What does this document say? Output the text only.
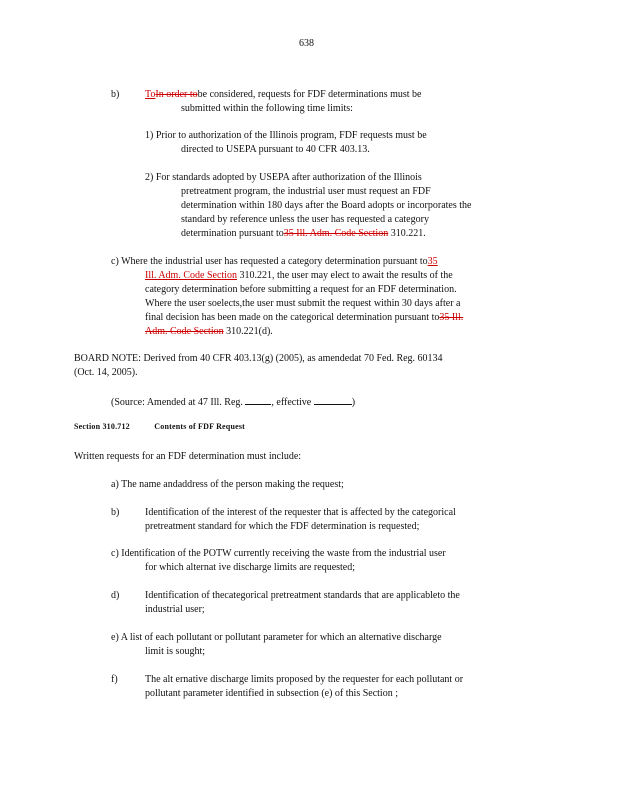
638
b)	ToIn order tobe considered, requests for FDF determinations must be
submitted within the following time limits:
1) Prior to authorization of the Illinois program, FDF requests must be
directed to USEPA pursuant to 40 CFR 403.13.
2) For standards adopted by USEPA after authorization of the Illinois
pretreatment program, the industrial user must request an FDF
determination within 180 days after the Board adopts or incorporates the
standard by reference unless the user has requested a category
determination pursuant to35 Ill. Adm. Code Section 310.221.
c) Where the industrial user has requested a category determination pursuant to35
Ill. Adm. Code Section 310.221, the user may elect to await the results of the
category determination before submitting a request for an FDF determination.
Where the user soelects,the user must submit the request within 30 days after a
final decision has been made on the categorical determination pursuant to35 Ill.
Adm. Code Section 310.221(d).
BOARD NOTE: Derived from 40 CFR 403.13(g) (2005), as amendedat 70 Fed. Reg. 60134
(Oct. 14, 2005).
(Source: Amended at 47 Ill. Reg.	, effective	)
Section 310.712	Contents of FDF Request
Written requests for an FDF determination must include:
a) The name andaddress of the person making the request;
b)	Identification of the interest of the requester that is affected by the categorical
pretreatment standard for which the FDF determination is requested;
c) Identification of the POTW currently receiving the waste from the industrial user
for which alternat ive discharge limits are requested;
d)	Identification of thecategorical pretreatment standards that are applicableto the
industrial user;
e) A list of each pollutant or pollutant parameter for which an alternative discharge
limit is sought;
f)	The alt ernative discharge limits proposed by the requester for each pollutant or
pollutant parameter identified in subsection (e) of this Section ;
